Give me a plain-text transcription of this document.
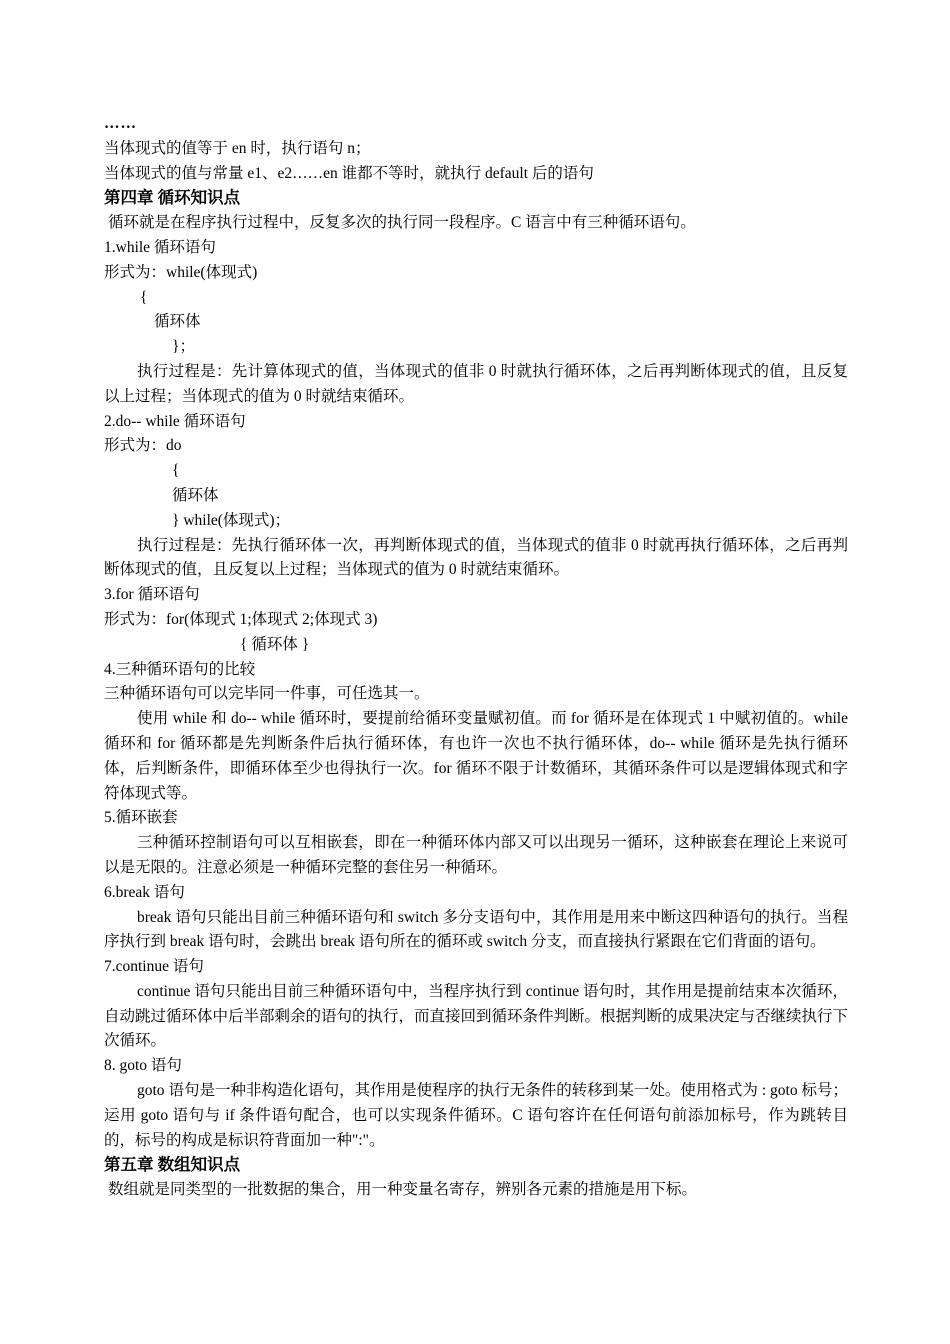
……
当体现式的值等于 en 时，执行语句 n；
当体现式的值与常量 e1、e2……en 谁都不等时，就执行 default 后的语句
第四章 循环知识点
循环就是在程序执行过程中，反复多次的执行同一段程序。C 语言中有三种循环语句。
1.while 循环语句
形式为：while(体现式)
{
循环体
}；
执行过程是：先计算体现式的值，当体现式的值非 0 时就执行循环体，之后再判断体现式的值，且反复以上过程；当体现式的值为 0 时就结束循环。
2.do-- while 循环语句
形式为：do
{
循环体
} while(体现式)；
执行过程是：先执行循环体一次，再判断体现式的值，当体现式的值非 0 时就再执行循环体，之后再判断体现式的值，且反复以上过程；当体现式的值为 0 时就结束循环。
3.for 循环语句
形式为：for(体现式 1;体现式 2;体现式 3)
{ 循环体 }
4.三种循环语句的比较
三种循环语句可以完毕同一件事，可任选其一。
使用 while 和 do-- while 循环时，要提前给循环变量赋初值。而 for 循环是在体现式 1 中赋初值的。while 循环和 for 循环都是先判断条件后执行循环体，有也许一次也不执行循环体，do-- while 循环是先执行循环体，后判断条件，即循环体至少也得执行一次。for 循环不限于计数循环，其循环条件可以是逻辑体现式和字符体现式等。
5.循环嵌套
三种循环控制语句可以互相嵌套，即在一种循环体内部又可以出现另一循环，这种嵌套在理论上来说可以是无限的。注意必须是一种循环完整的套住另一种循环。
6.break 语句
break 语句只能出目前三种循环语句和 switch 多分支语句中，其作用是用来中断这四种语句的执行。当程序执行到 break 语句时，会跳出 break 语句所在的循环或 switch 分支，而直接执行紧跟在它们背面的语句。
7.continue 语句
continue 语句只能出目前三种循环语句中，当程序执行到 continue 语句时，其作用是提前结束本次循环，自动跳过循环体中后半部剩余的语句的执行，而直接回到循环条件判断。根据判断的成果决定与否继续执行下次循环。
8. goto 语句
goto 语句是一种非构造化语句，其作用是使程序的执行无条件的转移到某一处。使用格式为 : goto 标号；运用 goto 语句与 if 条件语句配合，也可以实现条件循环。C 语句容许在任何语句前添加标号，作为跳转目的，标号的构成是标识符背面加一种":"。
第五章 数组知识点
数组就是同类型的一批数据的集合，用一种变量名寄存，辨别各元素的措施是用下标。
